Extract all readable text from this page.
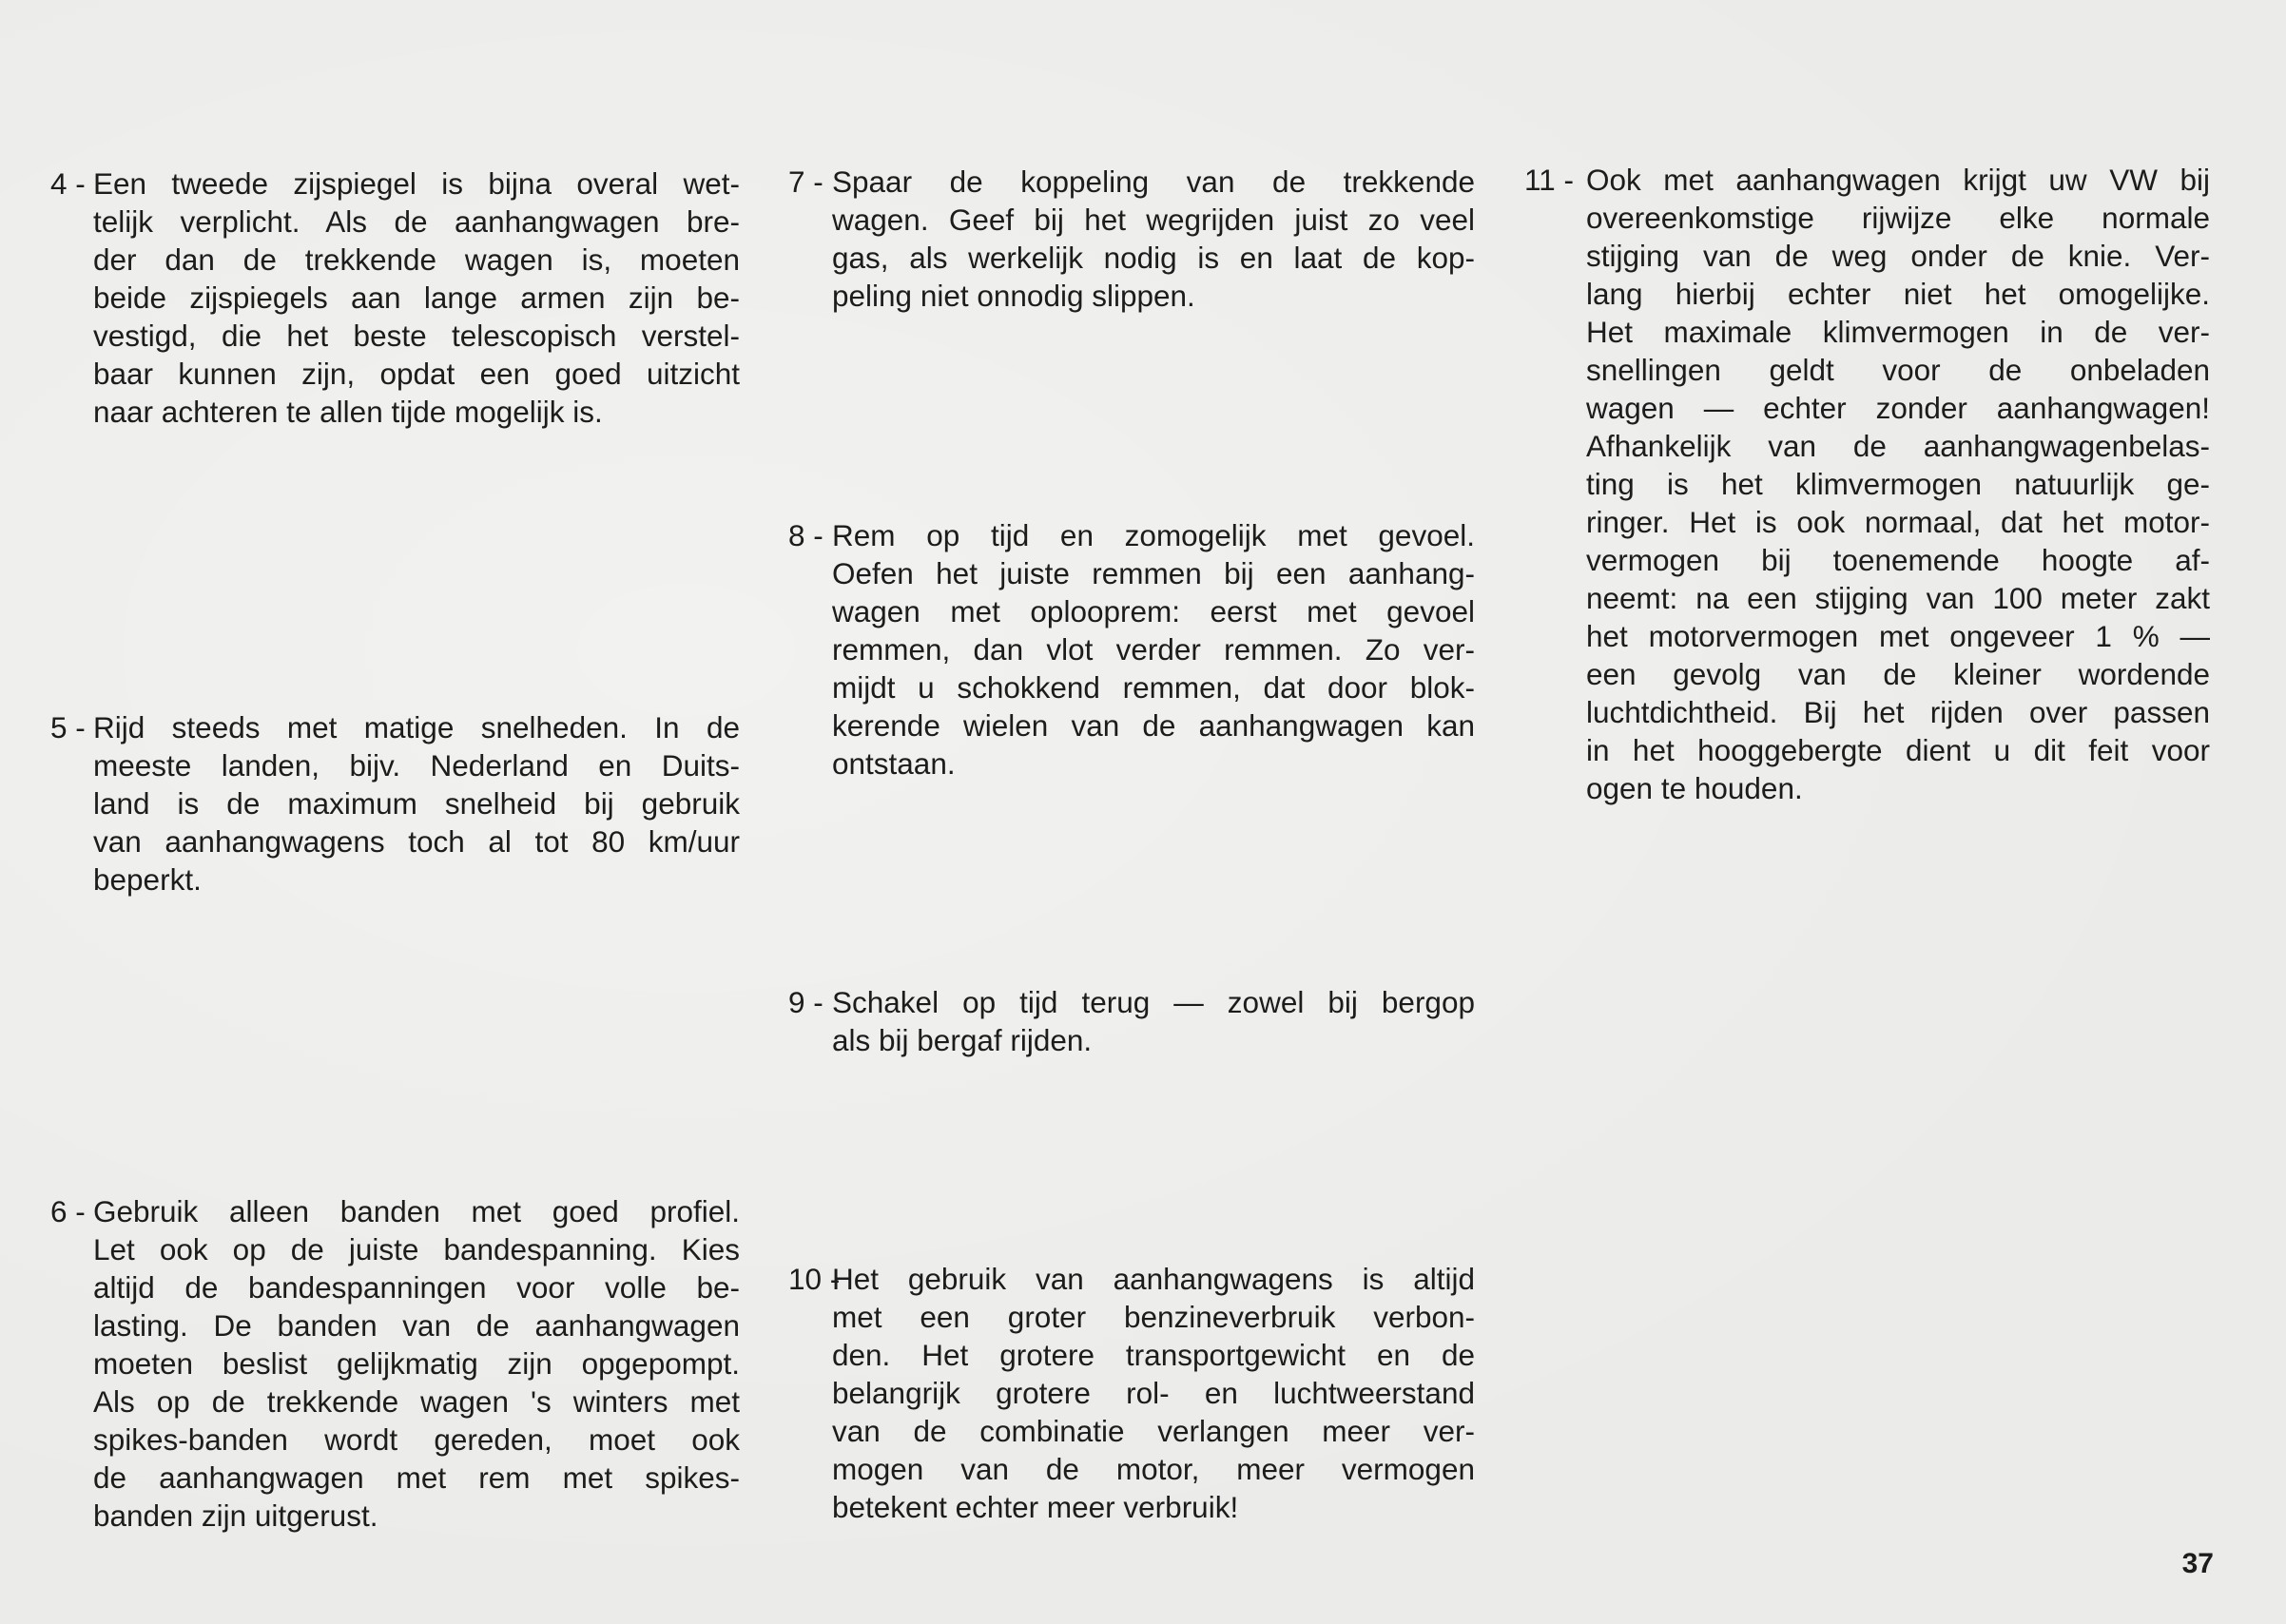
4 - Een tweede zijspiegel is bijna overal wet-
telijk verplicht. Als de aanhangwagen bre-
der dan de trekkende wagen is, moeten
beide zijspiegels aan lange armen zijn be-
vestigd, die het beste telescopisch verstel-
baar kunnen zijn, opdat een goed uitzicht
naar achteren te allen tijde mogelijk is.
5 - Rijd steeds met matige snelheden. In de
meeste landen, bijv. Nederland en Duits-
land is de maximum snelheid bij gebruik
van aanhangwagens toch al tot 80 km/uur
beperkt.
6 - Gebruik alleen banden met goed profiel.
Let ook op de juiste bandespanning. Kies
altijd de bandespanningen voor volle be-
lasting. De banden van de aanhangwagen
moeten beslist gelijkmatig zijn opgepompt.
Als op de trekkende wagen 's winters met
spikes-banden wordt gereden, moet ook
de aanhangwagen met rem met spikes-
banden zijn uitgerust.
7 - Spaar de koppeling van de trekkende
wagen. Geef bij het wegrijden juist zo veel
gas, als werkelijk nodig is en laat de kop-
peling niet onnodig slippen.
8 - Rem op tijd en zomogelijk met gevoel.
Oefen het juiste remmen bij een aanhang-
wagen met oplooprem: eerst met gevoel
remmen, dan vlot verder remmen. Zo ver-
mijdt u schokkend remmen, dat door blok-
kerende wielen van de aanhangwagen kan
ontstaan.
9 - Schakel op tijd terug — zowel bij bergop
als bij bergaf rijden.
10 -
Het gebruik van aanhangwagens is altijd
met een groter benzineverbruik verbon-
den. Het grotere transportgewicht en de
belangrijk grotere rol- en luchtweerstand
van de combinatie verlangen meer ver-
mogen van de motor, meer vermogen
betekent echter meer verbruik!
11 - Ook met aanhangwagen krijgt uw VW bij
overeenkomstige rijwijze elke normale
stijging van de weg onder de knie. Ver-
lang hierbij echter niet het omogelijke.
Het maximale klimvermogen in de ver-
snellingen geldt voor de onbeladen
wagen — echter zonder aanhangwagen!
Afhankelijk van de aanhangwagenbelas-
ting is het klimvermogen natuurlijk ge-
ringer. Het is ook normaal, dat het motor-
vermogen bij toenemende hoogte af-
neemt: na een stijging van 100 meter zakt
het motorvermogen met ongeveer 1 % —
een gevolg van de kleiner wordende
luchtdichtheid. Bij het rijden over passen
in het hooggebergte dient u dit feit voor
ogen te houden.
37
